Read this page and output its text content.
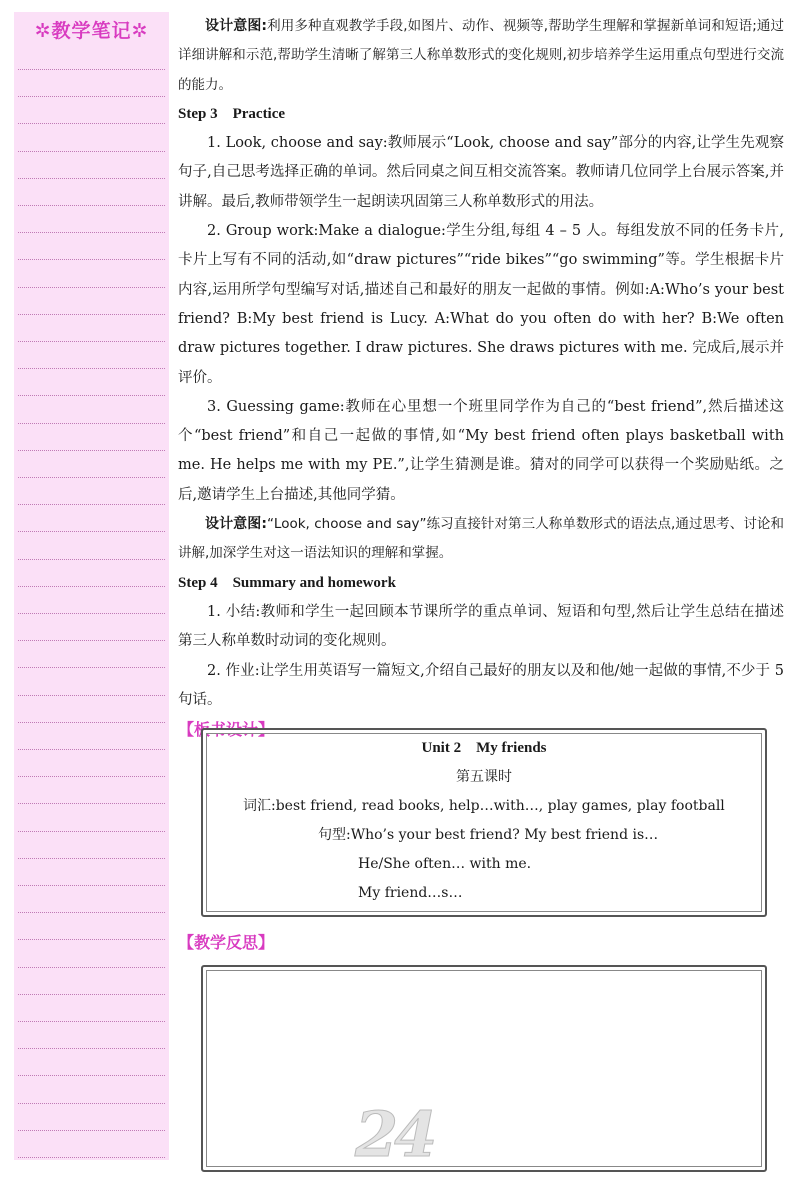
✲教学笔记✲	设计意图:利用多种直观教学手段,如图片、动作、视频等,帮助学生理解和掌握新单词和短语;通过详细讲解和示范,帮助学生清晰了解第三人称单数形式的变化规则,初步培养学生运用重点句型进行交流的能力。

Step 3　Practice

1. Look, choose and say:教师展示“Look, choose and say”部分的内容,让学生先观察句子,自己思考选择正确的单词。然后同桌之间互相交流答案。教师请几位同学上台展示答案,并讲解。最后,教师带领学生一起朗读巩固第三人称单数形式的用法。

2. Group work:Make a dialogue:学生分组,每组 4 – 5 人。每组发放不同的任务卡片,卡片上写有不同的活动,如“draw pictures”“ride bikes”“go swimming”等。学生根据卡片内容,运用所学句型编写对话,描述自己和最好的朋友一起做的事情。例如:A:Who’s your best friend? B:My best friend is Lucy. A:What do you often do with her? B:We often draw pictures together. I draw pictures. She draws pictures with me. 完成后,展示并评价。

3. Guessing game:教师在心里想一个班里同学作为自己的“best friend”,然后描述这个“best friend”和自己一起做的事情,如“My best friend often plays basketball with me. He helps me with my PE.”,让学生猜测是谁。猜对的同学可以获得一个奖励贴纸。之后,邀请学生上台描述,其他同学猜。

设计意图:“Look, choose and say”练习直接针对第三人称单数形式的语法点,通过思考、讨论和讲解,加深学生对这一语法知识的理解和掌握。

Step 4　Summary and homework

1. 小结:教师和学生一起回顾本节课所学的重点单词、短语和句型,然后让学生总结在描述第三人称单数时动词的变化规则。

2. 作业:让学生用英语写一篇短文,介绍自己最好的朋友以及和他/她一起做的事情,不少于 5 句话。

【板书设计】

Unit 2　My friends
第五课时
词汇:best friend, read books, help…with…, play games, play football
句型:Who’s your best friend? My best friend is…
He/She often… with me.
My friend…s…

【教学反思】

24
